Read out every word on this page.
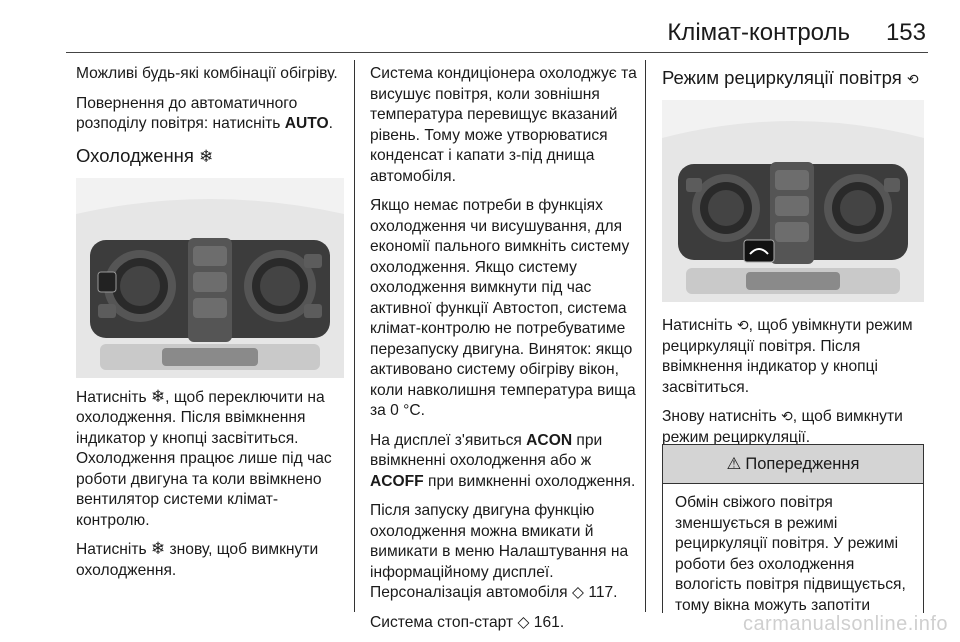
Клімат-контроль	153

Можливі будь-які комбінації обігріву.

Повернення до автоматичного розподілу повітря: натисніть AUTO.

Охолодження ❄

Натисніть ❄, щоб переключити на охолодження. Після ввімкнення індикатор у кнопці засвітиться. Охолодження працює лише під час роботи двигуна та коли ввімкнено вентилятор системи клімат-контролю.

Натисніть ❄ знову, щоб вимкнути охолодження.

Система кондиціонера охолоджує та висушує повітря, коли зовнішня температура перевищує вказаний рівень. Тому може утворюватися конденсат і капати з-під днища автомобіля.

Якщо немає потреби в функціях охолодження чи висушування, для економії пального вимкніть систему охолодження. Якщо систему охолодження вимкнути під час активної функції Автостоп, система клімат-контролю не потребуватиме перезапуску двигуна. Виняток: якщо активовано систему обігріву вікон, коли навколишня температура вища за 0 °C.

На дисплеї з'явиться ACON при ввімкненні охолодження або ж ACOFF при вимкненні охолодження.

Після запуску двигуна функцію охолодження можна вмикати й вимикати в меню Налаштування на інформаційному дисплеї. Персоналізація автомобіля ◇ 117.

Система стоп-старт ◇ 161.

Режим рециркуляції повітря ⟲

Натисніть ⟲, щоб увімкнути режим рециркуляції повітря. Після ввімкнення індикатор у кнопці засвітиться.

Знову натисніть ⟲, щоб вимкнути режим рециркуляції.

⚠ Попередження
Обмін свіжого повітря зменшується в режимі рециркуляції повітря. У режимі роботи без охолодження вологість повітря підвищується, тому вікна можуть запотіти
carmanualsonline.info
